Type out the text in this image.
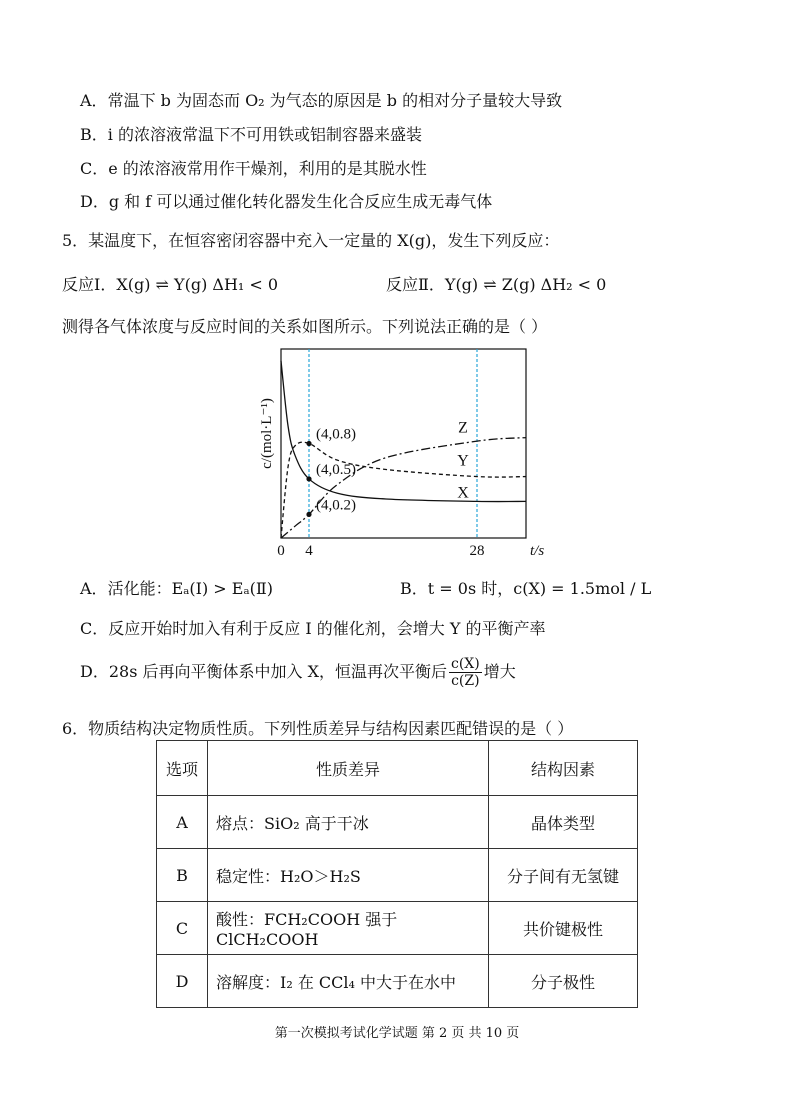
A．常温下 b 为固态而 O₂ 为气态的原因是 b 的相对分子量较大导致
B．i 的浓溶液常温下不可用铁或铝制容器来盛装
C．e 的浓溶液常用作干燥剂，利用的是其脱水性
D．g 和 f 可以通过催化转化器发生化合反应生成无毒气体
5．某温度下，在恒容密闭容器中充入一定量的 X(g)，发生下列反应：
反应Ⅰ．X(g) ⇌ Y(g) ΔH₁ < 0	反应Ⅱ．Y(g) ⇌ Z(g) ΔH₂ < 0
测得各气体浓度与反应时间的关系如图所示。下列说法正确的是（ ）
X
Y
Z
(4,0.8)
(4,0.5)
(4,0.2)
0 4	28	t/s
c/(mol·L⁻¹)
A．活化能：Eₐ(Ⅰ) > Eₐ(Ⅱ)	B．t = 0s 时，c(X) = 1.5mol / L
C．反应开始时加入有利于反应 I 的催化剂，会增大 Y 的平衡产率
D．28s 后再向平衡体系中加入 X，恒温再次平衡后 $\frac{c(X)}{c(Z)}$ 增大
6．物质结构决定物质性质。下列性质差异与结构因素匹配错误的是（ ）
选项	性质差异	结构因素
A	熔点：SiO₂ 高于干冰	晶体类型
B	稳定性：H₂O＞H₂S	分子间有无氢键
C	酸性：FCH₂COOH 强于 ClCH₂COOH	共价键极性
D	溶解度：I₂ 在 CCl₄ 中大于在水中	分子极性
第一次模拟考试化学试题 第 2 页 共 10 页
